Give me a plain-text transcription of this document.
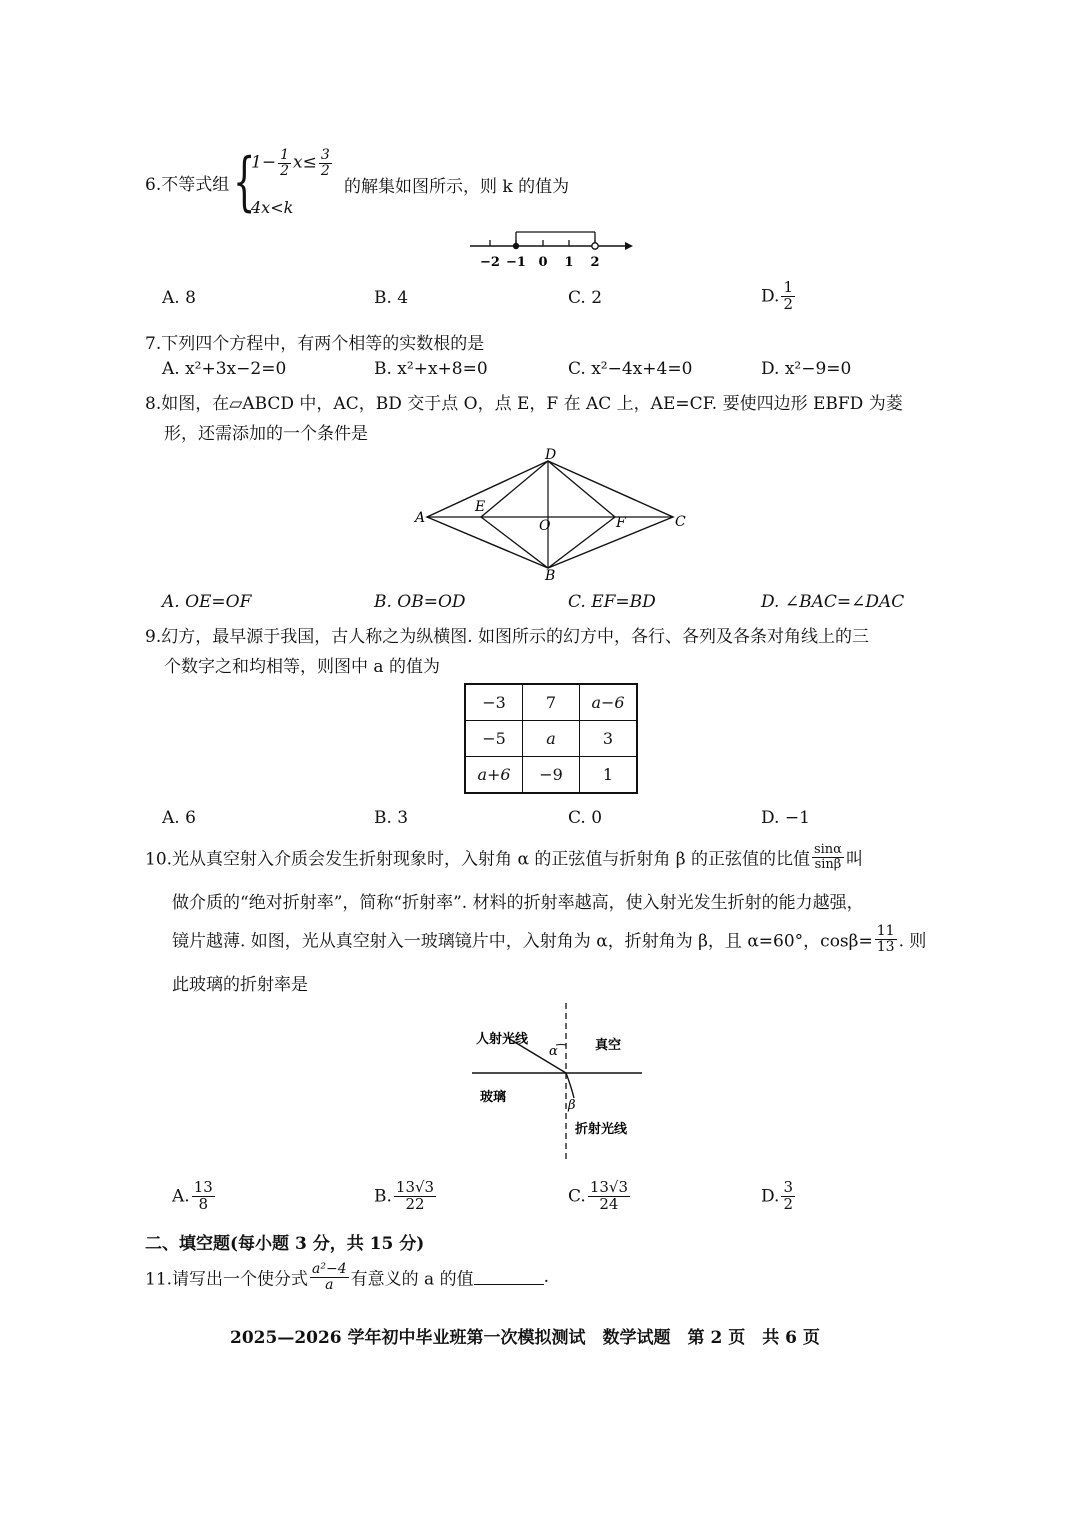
6.不等式组 {
$1- \frac{1}{2} x\le \frac{3}{2}$
4x<k
的解集如图所示，则 k 的值为
−2 −1 0 1 2
A. 8	B. 4	C. 2	D. $\frac{1}{2}$
7.下列四个方程中，有两个相等的实数根的是
A. x²+3x−2=0	B. x²+x+8=0	C. x²−4x+4=0	D. x²−9=0
8.如图，在▱ABCD 中，AC，BD 交于点 O，点 E，F 在 AC 上，AE=CF. 要使四边形 EBFD 为菱
形，还需添加的一个条件是
A
D
C
B
E
F
O
A. OE=OF	B. OB=OD	C. EF=BD	D. ∠BAC=∠DAC
9.幻方，最早源于我国，古人称之为纵横图. 如图所示的幻方中，各行、各列及各条对角线上的三
个数字之和均相等，则图中 a 的值为
−3	7	a−6
−5	a	3
a+6	−9	1
A. 6	B. 3	C. 0	D. −1
10.光从真空射入介质会发生折射现象时，入射角 α 的正弦值与折射角 β 的正弦值的比值 $\frac{\sin\alpha}{\sin\beta}$ 叫
做介质的“绝对折射率”，简称“折射率”. 材料的折射率越高，使入射光发生折射的能力越强，
镜片越薄. 如图，光从真空射入一玻璃镜片中，入射角为 α，折射角为 β，且 α=60°，$\cos\beta= \frac{11}{13}$ . 则
此玻璃的折射率是
人射光线
α	真空
玻璃
β
折射光线
A. $\frac{13}{8}$	B. $\frac{13√3}{22}$	C. $\frac{13√3}{24}$	D. $\frac{3}{2}$
二、填空题(每小题 3 分，共 15 分)
11.请写出一个使分式 $\frac{\text{a²−4}}{a}$ 有意义的 a 的值	.
2025—2026 学年初中毕业班第一次模拟测试　数学试题　第 2 页　共 6 页
